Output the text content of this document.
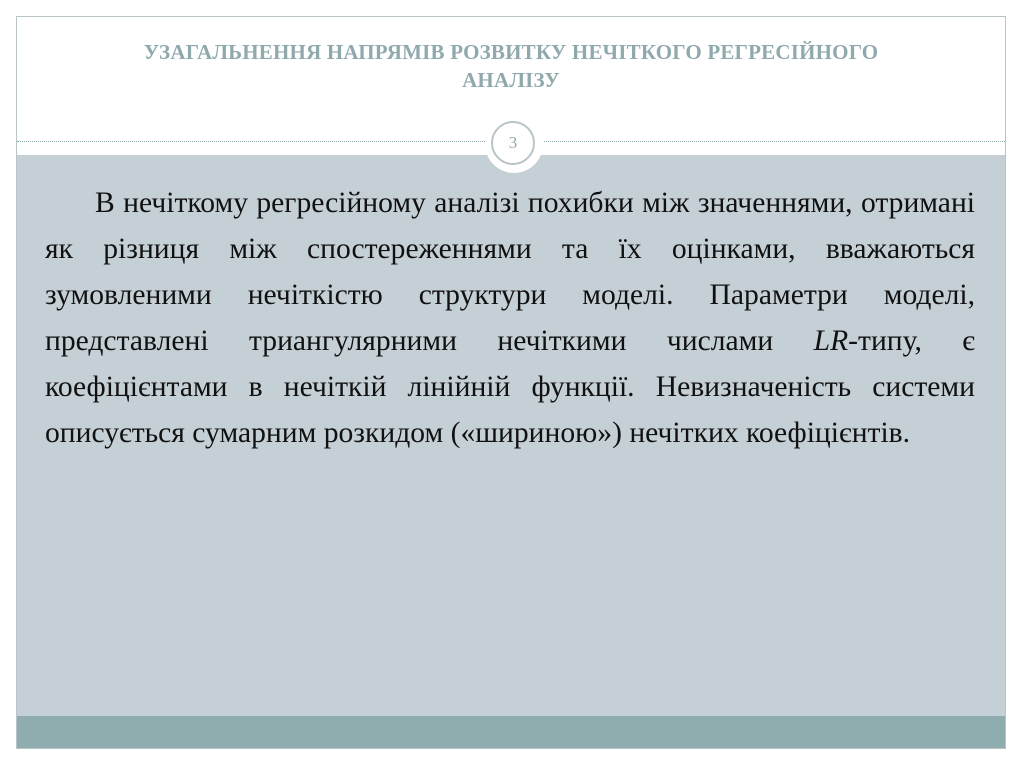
УЗАГАЛЬНЕННЯ НАПРЯМІВ РОЗВИТКУ НЕЧІТКОГО РЕГРЕСІЙНОГО
АНАЛІЗУ
3

В нечіткому регресійному аналізі похибки між значеннями, отримані як різниця між спостереженнями та їх оцінками, вважаються зумовленими нечіткістю структури моделі. Параметри моделі, представлені триангулярними нечіткими числами LR-типу, є коефіцієнтами в нечіткій лінійній функції. Невизначеність системи описується сумарним розкидом («шириною») нечітких коефіцієнтів.
